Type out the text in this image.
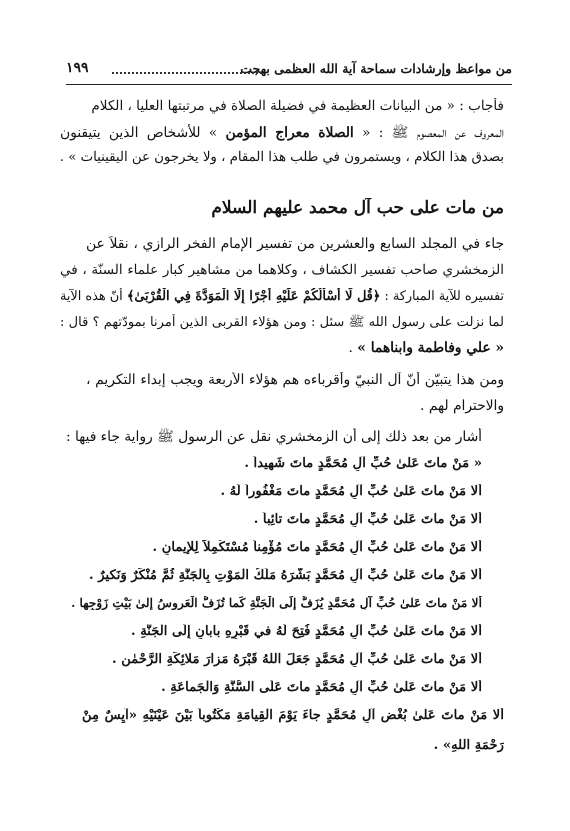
من مواعظ وإرشادات سماحة آية الله العظمى بهجت
١٩٩
فأجاب : « من البيانات العظيمة في فضيلة الصلاة في مرتبتها العليا ، الكلام
المعروف عن المعصوم ﷺ : « الصلاة معراج المؤمن » للأشخاص الذين يتيقنون
بصدق هذا الكلام ، ويستمرون في طلب هذا المقام ، ولا يخرجون عن اليقينيات » .
من مات على حب آل محمد عليهم السلام
جاء في المجلد السابع والعشرين من تفسير الإمام الفخر الرازي ، نقلاً عن
الزمخشري صاحب تفسير الكشاف ، وكلاهما من مشاهير كبار علماء السنّة ، في
تفسيره للآية المباركة : ﴿قُل لَّا أَسْأَلُكُمْ عَلَيْهِ أَجْرًا إِلَّا الْمَوَدَّةَ فِي الْقُرْبَىٰ﴾ أنّ هذه الآية
لما نزلت على رسول الله ﷺ سئل : ومن هؤلاء القربى الذين أمرنا بمودّتهم ؟ قال :
« علي وفاطمة وابناهما » .
ومن هذا يتبيّن أنّ آل النبيّ وأقرباءه هم هؤلاء الأربعة ويجب إبداء التكريم ،
والاحترام لهم .
أشار من بعد ذلك إلى أن الزمخشري نقل عن الرسول ﷺ رواية جاء فيها :
« مَنْ ماتَ عَلىٰ حُبِّ آلِ مُحَمَّدٍ ماتَ شَهيداً .
أَلا مَنْ ماتَ عَلىٰ حُبِّ آلِ مُحَمَّدٍ ماتَ مَغْفُوراً لَهُ .
أَلا مَنْ ماتَ عَلىٰ حُبِّ آلِ مُحَمَّدٍ ماتَ تائِباً .
أَلا مَنْ ماتَ عَلىٰ حُبِّ آلِ مُحَمَّدٍ ماتَ مُؤْمِناً مُسْتَكْمِلاً لِلإيمانِ .
أَلا مَنْ ماتَ عَلىٰ حُبِّ آلِ مُحَمَّدٍ بَشَّرَهُ مَلَكُ الْمَوْتِ بِالْجَنَّةِ ثُمَّ مُنْكَرٌ وَنَكيرٌ .
أَلا مَنْ ماتَ عَلىٰ حُبِّ آلِ مُحَمَّدٍ يُزَفُّ إِلَى الْجَنَّةِ كَما تُزَفُّ الْعَروسُ إِلىٰ بَيْتِ زَوْجِها .
أَلا مَنْ ماتَ عَلىٰ حُبِّ آلِ مُحَمَّدٍ فُتِحَ لَهُ في قَبْرِهِ بابانِ إِلَى الْجَنَّةِ .
أَلا مَنْ ماتَ عَلىٰ حُبِّ آلِ مُحَمَّدٍ جَعَلَ اللهُ قَبْرَهُ مَزارَ مَلائِكَةِ الرَّحْمٰنِ .
أَلا مَنْ ماتَ عَلىٰ حُبِّ آلِ مُحَمَّدٍ ماتَ عَلَى السُّنَّةِ وَالْجَماعَةِ .
أَلا مَنْ ماتَ عَلىٰ بُغْضِ آلِ مُحَمَّدٍ جاءَ يَوْمَ الْقِيامَةِ مَكْتُوباً بَيْنَ عَيْنَيْهِ «آيِسٌ مِنْ
رَحْمَةِ اللهِ» .
